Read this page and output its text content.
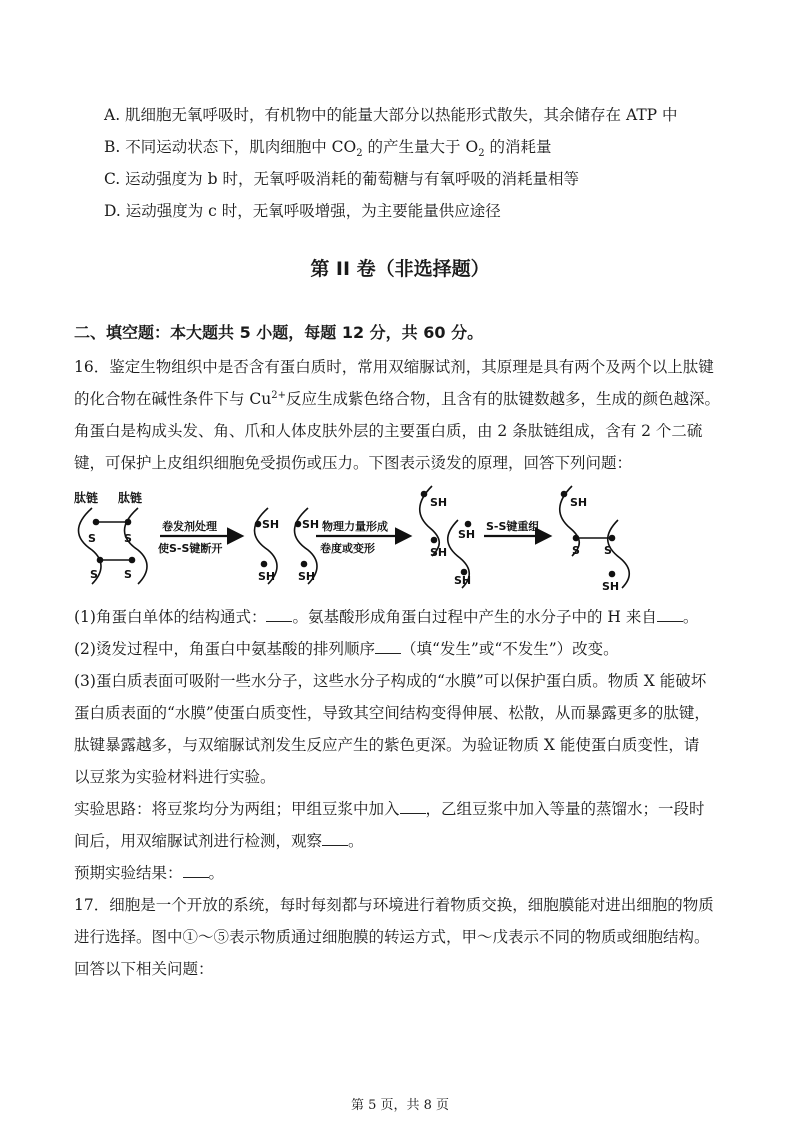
A. 肌细胞无氧呼吸时，有机物中的能量大部分以热能形式散失，其余储存在 ATP 中
B. 不同运动状态下，肌肉细胞中 $CO_2$ 的产生量大于 $O_2$ 的消耗量
C. 运动强度为 b 时，无氧呼吸消耗的葡萄糖与有氧呼吸的消耗量相等
D. 运动强度为 c 时，无氧呼吸增强，为主要能量供应途径
第 II 卷（非选择题）
二、填空题：本大题共 5 小题，每题 12 分，共 60 分。
16．鉴定生物组织中是否含有蛋白质时，常用双缩脲试剂，其原理是具有两个及两个以上肽键
的化合物在碱性条件下与 $Cu^{2+}$反应生成紫色络合物，且含有的肽键数越多，生成的颜色越深。
角蛋白是构成头发、角、爪和人体皮肤外层的主要蛋白质，由 2 条肽链组成，含有 2 个二硫
键，可保护上皮组织细胞免受损伤或压力。下图表示烫发的原理，回答下列问题：
肽链 肽链
S	S
S S
卷发剂处理
使S-S键断开
SH SH
SH SH
物理力量形成
卷度或变形
SH
SH
SH
SH
S-S键重组
SH
S S
SH
(1)角蛋白单体的结构通式： 。氨基酸形成角蛋白过程中产生的水分子中的 H 来自 。
(2)烫发过程中，角蛋白中氨基酸的排列顺序 （填“发生”或“不发生”）改变。
(3)蛋白质表面可吸附一些水分子，这些水分子构成的“水膜”可以保护蛋白质。物质 X 能破坏
蛋白质表面的“水膜”使蛋白质变性，导致其空间结构变得伸展、松散，从而暴露更多的肽键，
肽键暴露越多，与双缩脲试剂发生反应产生的紫色更深。为验证物质 X 能使蛋白质变性，请
以豆浆为实验材料进行实验。
实验思路：将豆浆均分为两组；甲组豆浆中加入 ，乙组豆浆中加入等量的蒸馏水；一段时
间后，用双缩脲试剂进行检测，观察 。
预期实验结果： 。
17．细胞是一个开放的系统，每时每刻都与环境进行着物质交换，细胞膜能对进出细胞的物质
进行选择。图中①～⑤表示物质通过细胞膜的转运方式，甲～戊表示不同的物质或细胞结构。
回答以下相关问题：
第 5 页，共 8 页
